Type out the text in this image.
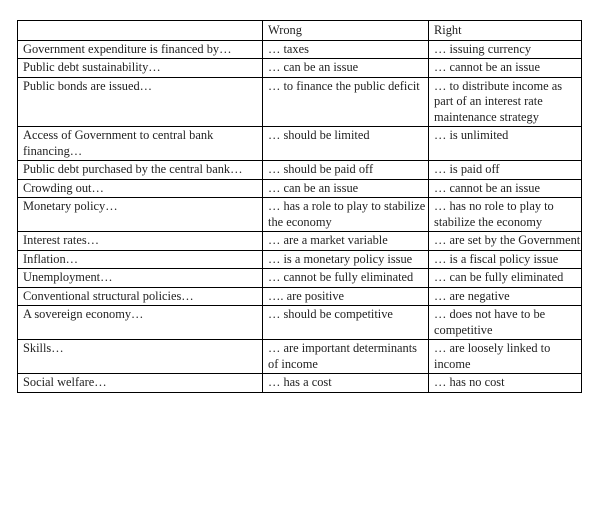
	Wrong	Right
Government expenditure is financed by…	… taxes	… issuing currency
Public debt sustainability…	… can be an issue	… cannot be an issue
Public bonds are issued…	… to finance the public deficit	… to distribute income as part of an interest rate maintenance strategy
Access of Government to central bank financing…	… should be limited	… is unlimited
Public debt purchased by the central bank…	… should be paid off	… is paid off
Crowding out…	… can be an issue	… cannot be an issue
Monetary policy…	… has a role to play to stabilize the economy	… has no role to play to stabilize the economy
Interest rates…	… are a market variable	… are set by the Government
Inflation…	… is a monetary policy issue	… is a fiscal policy issue
Unemployment…	… cannot be fully eliminated	… can be fully eliminated
Conventional structural policies…	…. are positive	… are negative
A sovereign economy…	… should be competitive	… does not have to be competitive
Skills…	… are important determinants of income	… are loosely linked to income
Social welfare…	… has a cost	… has no cost
